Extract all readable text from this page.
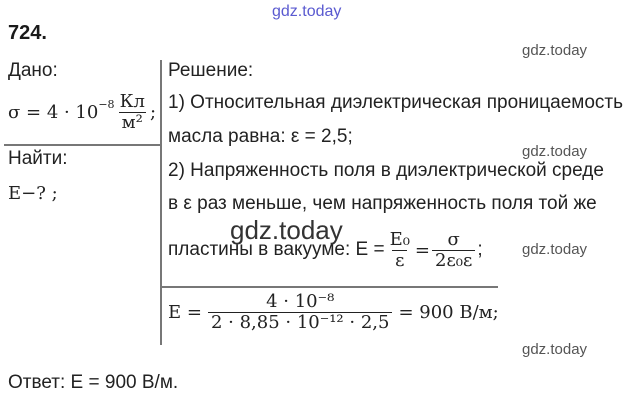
gdz.today
gdz.today
gdz.today
gdz.today
gdz.today
gdz.today
724.
Дано:
$\sigma = 4 \cdot 10^{-8} \frac{Кл}{\text{м²}}$ ;
Найти:
E−? ;
Решение:
1) Относительная диэлектрическая проницаемость
масла равна: ε = 2,5;
2) Напряженность поля в диэлектрической среде
в ε раз меньше, чем напряженность поля той же
пластины в вакууме: $E = \frac{\text{E₀}}{\varepsilon} = \frac{\sigma}{\text{2ε₀ε}}$ ;
$E = \frac{\text{4 · 10⁻⁸}}{\text{2 · 8,85 · 10⁻¹² · 2,5}} = 900$ В/м;
Ответ: E = 900 В/м.
